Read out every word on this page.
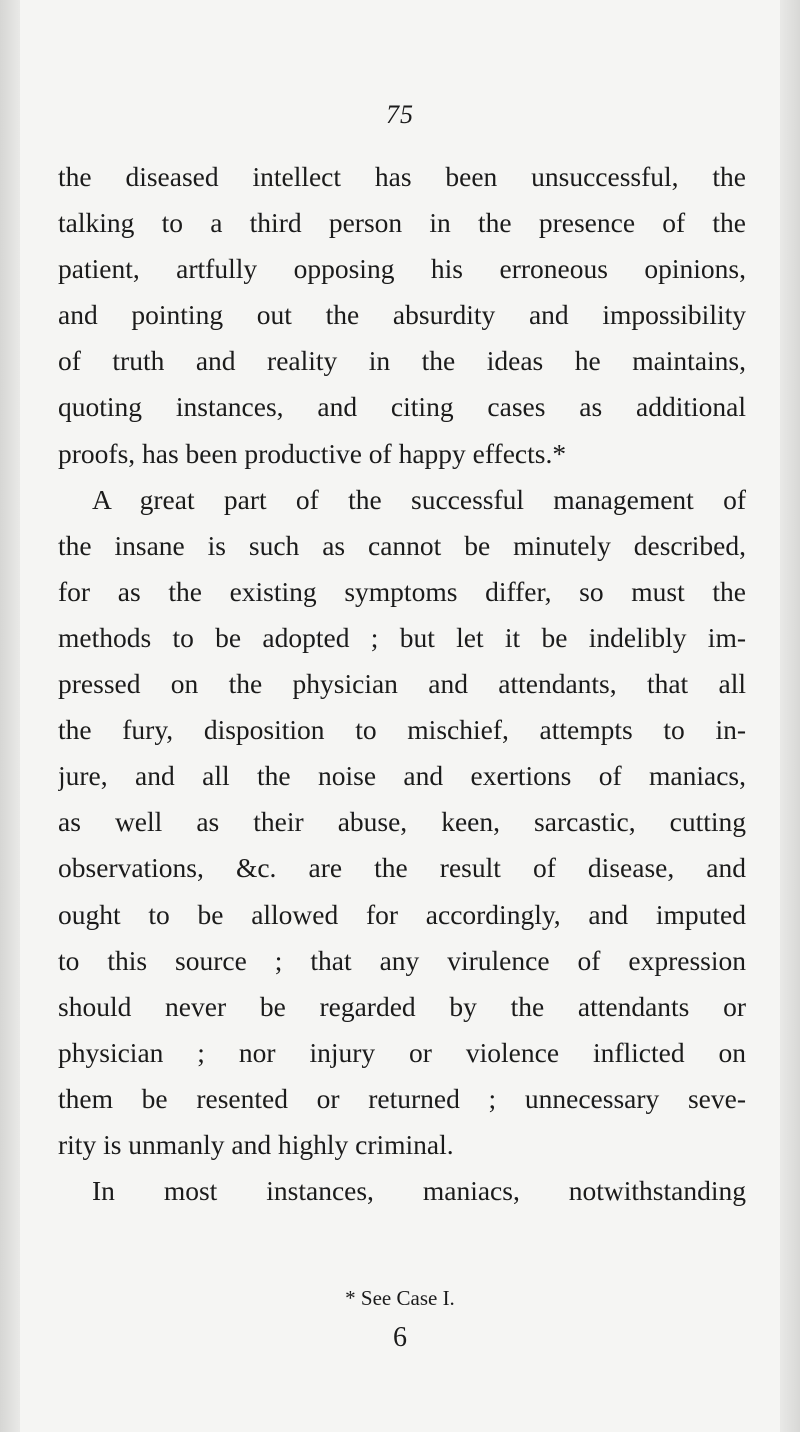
75
the diseased intellect has been unsuccessful, the
talking to a third person in the presence of the
patient, artfully opposing his erroneous opinions,
and pointing out the absurdity and impossibility
of truth and reality in the ideas he maintains,
quoting instances, and citing cases as additional
proofs, has been productive of happy effects.*
A great part of the successful management of
the insane is such as cannot be minutely described,
for as the existing symptoms differ, so must the
methods to be adopted ; but let it be indelibly im-
pressed on the physician and attendants, that all
the fury, disposition to mischief, attempts to in-
jure, and all the noise and exertions of maniacs,
as well as their abuse, keen, sarcastic, cutting
observations, &c. are the result of disease, and
ought to be allowed for accordingly, and imputed
to this source ; that any virulence of expression
should never be regarded by the attendants or
physician ; nor injury or violence inflicted on
them be resented or returned ; unnecessary seve-
rity is unmanly and highly criminal.
In most instances, maniacs, notwithstanding
* See Case I.
6
